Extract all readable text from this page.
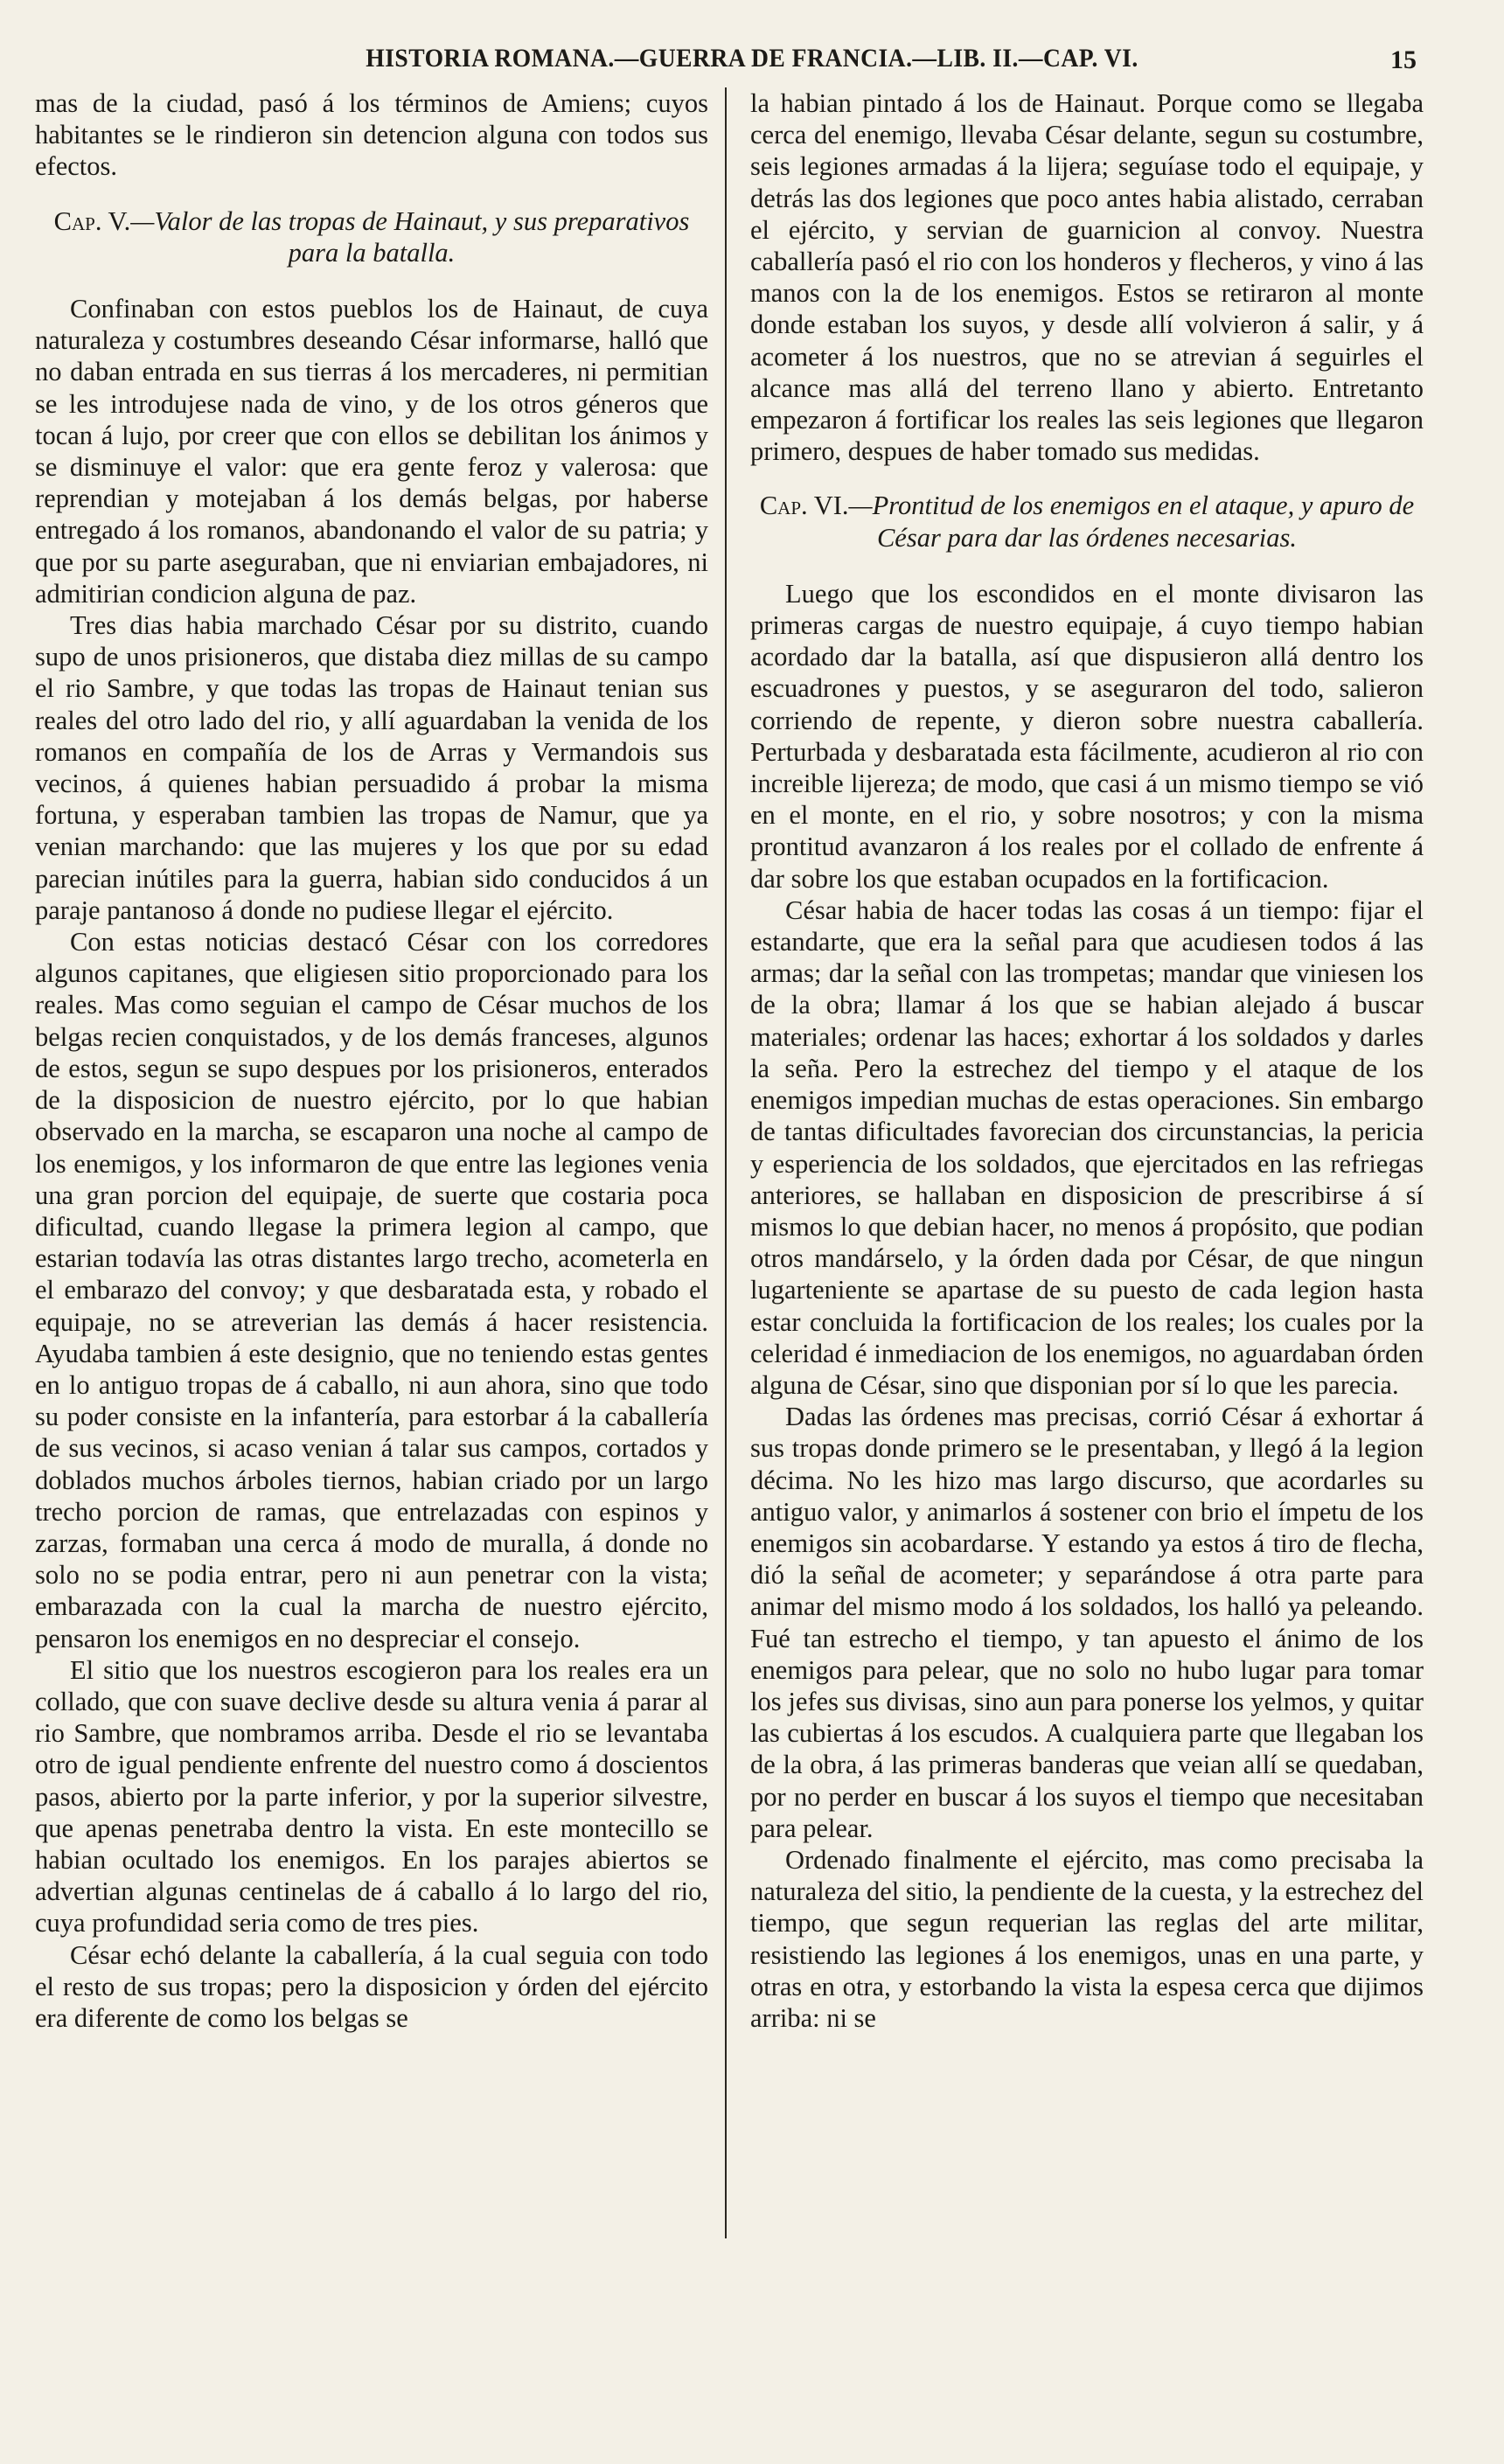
HISTORIA ROMANA.—GUERRA DE FRANCIA.—LIB. II.—CAP. VI.	15

mas de la ciudad, pasó á los términos de Amiens; cuyos habitantes se le rindieron sin detencion alguna con todos sus efectos.

Cap. V.—Valor de las tropas de Hainaut, y sus preparativos para la batalla.

Confinaban con estos pueblos los de Hainaut, de cuya naturaleza y costumbres deseando César informarse, halló que no daban entrada en sus tierras á los mercaderes, ni permitian se les introdujese nada de vino, y de los otros géneros que tocan á lujo, por creer que con ellos se debilitan los ánimos y se disminuye el valor: que era gente feroz y valerosa: que reprendian y motejaban á los demás belgas, por haberse entregado á los romanos, abandonando el valor de su patria; y que por su parte aseguraban, que ni enviarian embajadores, ni admitirian condicion alguna de paz.

Tres dias habia marchado César por su distrito, cuando supo de unos prisioneros, que distaba diez millas de su campo el rio Sambre, y que todas las tropas de Hainaut tenian sus reales del otro lado del rio, y allí aguardaban la venida de los romanos en compañía de los de Arras y Vermandois sus vecinos, á quienes habian persuadido á probar la misma fortuna, y esperaban tambien las tropas de Namur, que ya venian marchando: que las mujeres y los que por su edad parecian inútiles para la guerra, habian sido conducidos á un paraje pantanoso á donde no pudiese llegar el ejército.

Con estas noticias destacó César con los corredores algunos capitanes, que eligiesen sitio proporcionado para los reales. Mas como seguian el campo de César muchos de los belgas recien conquistados, y de los demás franceses, algunos de estos, segun se supo despues por los prisioneros, enterados de la disposicion de nuestro ejército, por lo que habian observado en la marcha, se escaparon una noche al campo de los enemigos, y los informaron de que entre las legiones venia una gran porcion del equipaje, de suerte que costaria poca dificultad, cuando llegase la primera legion al campo, que estarian todavía las otras distantes largo trecho, acometerla en el embarazo del convoy; y que desbaratada esta, y robado el equipaje, no se atreverian las demás á hacer resistencia. Ayudaba tambien á este designio, que no teniendo estas gentes en lo antiguo tropas de á caballo, ni aun ahora, sino que todo su poder consiste en la infantería, para estorbar á la caballería de sus vecinos, si acaso venian á talar sus campos, cortados y doblados muchos árboles tiernos, habian criado por un largo trecho porcion de ramas, que entrelazadas con espinos y zarzas, formaban una cerca á modo de muralla, á donde no solo no se podia entrar, pero ni aun penetrar con la vista; embarazada con la cual la marcha de nuestro ejército, pensaron los enemigos en no despreciar el consejo.

El sitio que los nuestros escogieron para los reales era un collado, que con suave declive desde su altura venia á parar al rio Sambre, que nombramos arriba. Desde el rio se levantaba otro de igual pendiente enfrente del nuestro como á doscientos pasos, abierto por la parte inferior, y por la superior silvestre, que apenas penetraba dentro la vista. En este montecillo se habian ocultado los enemigos. En los parajes abiertos se advertian algunas centinelas de á caballo á lo largo del rio, cuya profundidad seria como de tres pies.

César echó delante la caballería, á la cual seguia con todo el resto de sus tropas; pero la disposicion y órden del ejército era diferente de como los belgas se

la habian pintado á los de Hainaut. Porque como se llegaba cerca del enemigo, llevaba César delante, segun su costumbre, seis legiones armadas á la lijera; seguíase todo el equipaje, y detrás las dos legiones que poco antes habia alistado, cerraban el ejército, y servian de guarnicion al convoy. Nuestra caballería pasó el rio con los honderos y flecheros, y vino á las manos con la de los enemigos. Estos se retiraron al monte donde estaban los suyos, y desde allí volvieron á salir, y á acometer á los nuestros, que no se atrevian á seguirles el alcance mas allá del terreno llano y abierto. Entretanto empezaron á fortificar los reales las seis legiones que llegaron primero, despues de haber tomado sus medidas.

Cap. VI.—Prontitud de los enemigos en el ataque, y apuro de César para dar las órdenes necesarias.

Luego que los escondidos en el monte divisaron las primeras cargas de nuestro equipaje, á cuyo tiempo habian acordado dar la batalla, así que dispusieron allá dentro los escuadrones y puestos, y se aseguraron del todo, salieron corriendo de repente, y dieron sobre nuestra caballería. Perturbada y desbaratada esta fácilmente, acudieron al rio con increible lijereza; de modo, que casi á un mismo tiempo se vió en el monte, en el rio, y sobre nosotros; y con la misma prontitud avanzaron á los reales por el collado de enfrente á dar sobre los que estaban ocupados en la fortificacion.

César habia de hacer todas las cosas á un tiempo: fijar el estandarte, que era la señal para que acudiesen todos á las armas; dar la señal con las trompetas; mandar que viniesen los de la obra; llamar á los que se habian alejado á buscar materiales; ordenar las haces; exhortar á los soldados y darles la seña. Pero la estrechez del tiempo y el ataque de los enemigos impedian muchas de estas operaciones. Sin embargo de tantas dificultades favorecian dos circunstancias, la pericia y esperiencia de los soldados, que ejercitados en las refriegas anteriores, se hallaban en disposicion de prescribirse á sí mismos lo que debian hacer, no menos á propósito, que podian otros mandárselo, y la órden dada por César, de que ningun lugarteniente se apartase de su puesto de cada legion hasta estar concluida la fortificacion de los reales; los cuales por la celeridad é inmediacion de los enemigos, no aguardaban órden alguna de César, sino que disponian por sí lo que les parecia.

Dadas las órdenes mas precisas, corrió César á exhortar á sus tropas donde primero se le presentaban, y llegó á la legion décima. No les hizo mas largo discurso, que acordarles su antiguo valor, y animarlos á sostener con brio el ímpetu de los enemigos sin acobardarse. Y estando ya estos á tiro de flecha, dió la señal de acometer; y separándose á otra parte para animar del mismo modo á los soldados, los halló ya peleando. Fué tan estrecho el tiempo, y tan apuesto el ánimo de los enemigos para pelear, que no solo no hubo lugar para tomar los jefes sus divisas, sino aun para ponerse los yelmos, y quitar las cubiertas á los escudos. A cualquiera parte que llegaban los de la obra, á las primeras banderas que veian allí se quedaban, por no perder en buscar á los suyos el tiempo que necesitaban para pelear.

Ordenado finalmente el ejército, mas como precisaba la naturaleza del sitio, la pendiente de la cuesta, y la estrechez del tiempo, que segun requerian las reglas del arte militar, resistiendo las legiones á los enemigos, unas en una parte, y otras en otra, y estorbando la vista la espesa cerca que dijimos arriba: ni se
